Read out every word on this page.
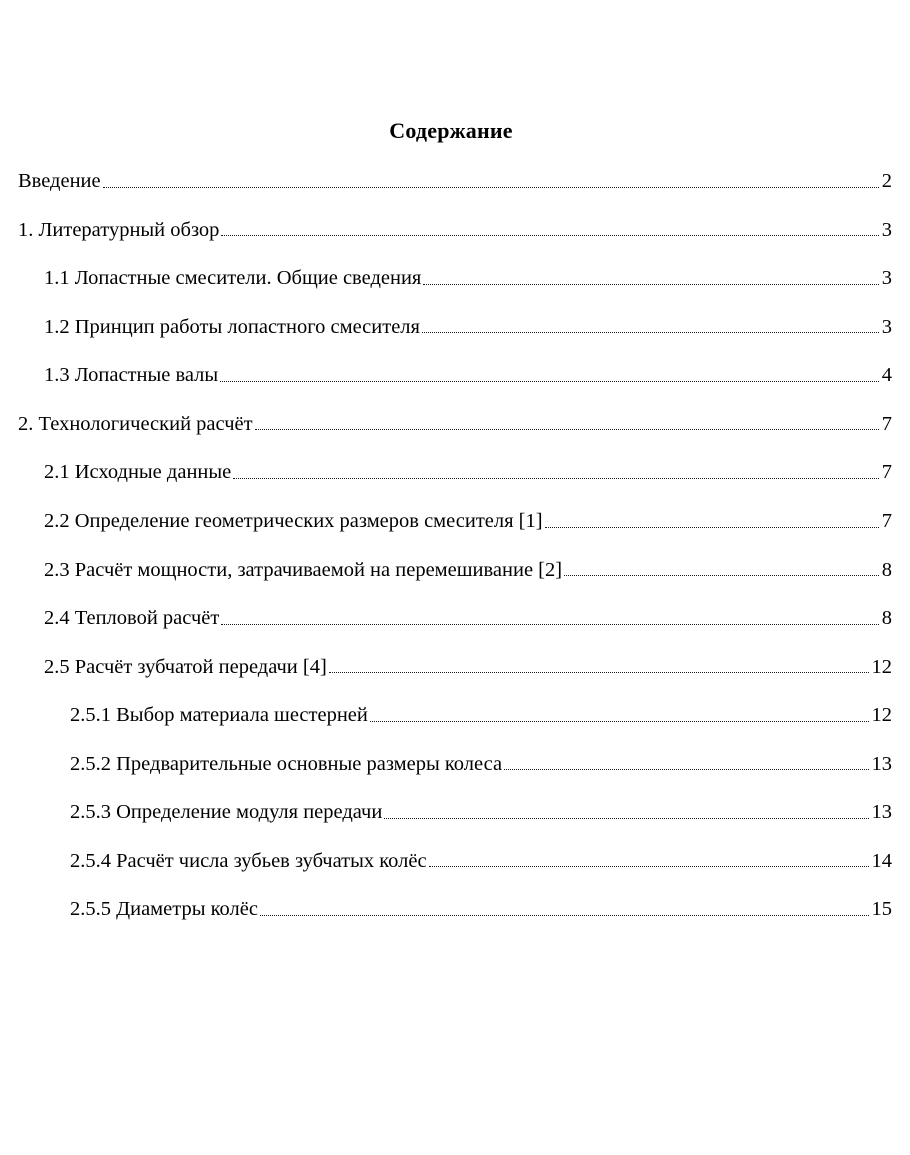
Содержание
Введение	2
1. Литературный обзор	3
1.1 Лопастные смесители. Общие сведения	3
1.2 Принцип работы лопастного смесителя	3
1.3 Лопастные валы	4
2. Технологический расчёт	7
2.1 Исходные данные	7
2.2 Определение геометрических размеров смесителя [1]	7
2.3 Расчёт мощности, затрачиваемой на перемешивание [2]	8
2.4 Тепловой расчёт	8
2.5 Расчёт зубчатой передачи [4]	12
2.5.1 Выбор материала шестерней	12
2.5.2 Предварительные основные размеры колеса	13
2.5.3 Определение модуля передачи	13
2.5.4 Расчёт числа зубьев зубчатых колёс	14
2.5.5 Диаметры колёс	15
